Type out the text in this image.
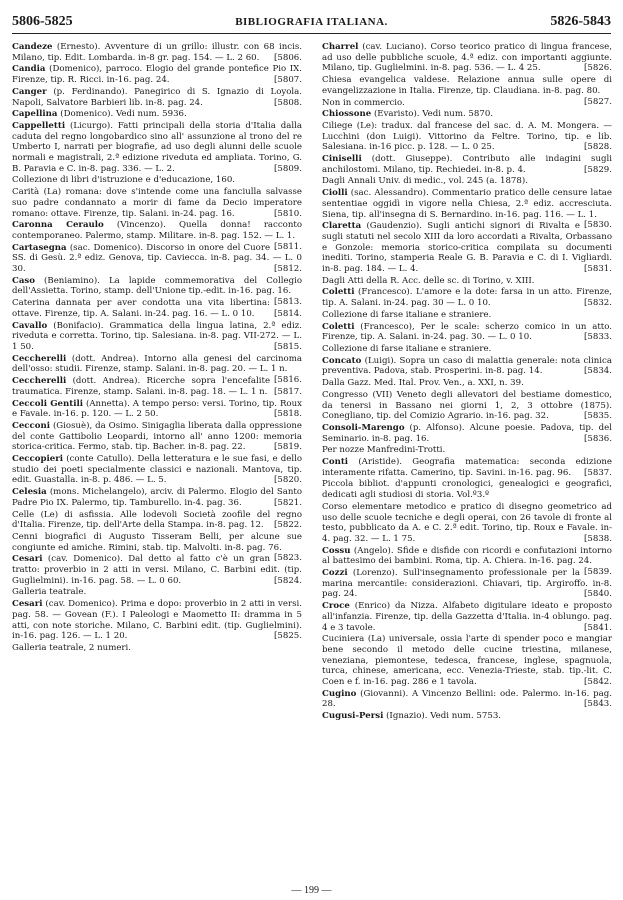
5806-5825	BIBLIOGRAFIA ITALIANA.	5826-5843
Candeze (Ernesto). Avventure di un grillo: illustr. con 68 incis. Milano, tip. Edit. Lombarda. in-8 gr. pag. 154. — L. 2 60. [5806.
Candia (Domenico), parroco. Elogio del grande pontefice Pio IX. Firenze, tip. R. Ricci. in-16. pag. 24.	[5807.
Canger (p. Ferdinando). Panegirico di S. Ignazio di Loyola. Napoli, Salvatore Barbieri lib. in-8. pag. 24.	[5808.
Capellina (Domenico). Vedi num. 5936.
Cappelletti (Licurgo). Fatti principali della storia d'Italia dalla caduta del regno longobardico sino all' assunzione al trono del re Umberto I, narrati per biografie, ad uso degli alunni delle scuole normali e magistrali, 2.ª edizione riveduta ed ampliata. Torino, G. B. Paravia e C. in-8. pag. 336. — L. 2.	[5809.
Collezione di libri d'istruzione e d'educazione, 160.
Carità (La) romana: dove s'intende come una fanciulla salvasse suo padre condannato a morir di fame da Decio imperatore romano: ottave. Firenze, tip. Salani. in-24. pag. 16.	[5810.
Caronna Ceraulo (Vincenzo). Quella donna! racconto contemporaneo. Palermo, stamp. Militare. in-8. pag. 152. — L. 1.
[5811.
Cartasegna (sac. Domenico). Discorso in onore del Cuore SS. di Gesù. 2.ª ediz. Genova, tip. Caviecca. in-8. pag. 34. — L. 0 30.	[5812.
Caso (Beniamino). La lapide commemorativa del Collegio dell'Assietta. Torino, stamp. dell'Unione tip.-edit. in-16. pag. 16.
[5813.
Caterina dannata per aver condotta una vita libertina: ottave. Firenze, tip. A. Salani. in-24. pag. 16. — L. 0 10. [5814.
Cavallo (Bonifacio). Grammatica della lingua latina, 2.ª ediz. riveduta e corretta. Torino, tip. Salesiana. in-8. pag. VII-272. — L. 1 50.	[5815.
Ceccherelli (dott. Andrea). Intorno alla genesi del carcinoma dell'osso: studii. Firenze, stamp. Salani. in-8. pag. 20. — L. 1 n.
[5816.
Ceccherelli (dott. Andrea). Ricerche sopra l'encefalite traumatica. Firenze, stamp. Salani. in-8. pag. 18. — L. 1 n. [5817.
Ceccoli Gentili (Annetta). A tempo perso: versi. Torino, tip. Roux e Favale. in-16. p. 120. — L. 2 50.	[5818.
Cecconi (Giosuè), da Osimo. Sinigaglia liberata dalla oppressione del conte Gattibolio Leopardi, intorno all' anno 1200: memoria storica-critica. Fermo, stab. tip. Bacher. in-8. pag. 22.	[5819.
Ceccopieri (conte Catullo). Della letteratura e le sue fasi, e dello studio dei poeti specialmente classici e nazionali. Mantova, tip. edit. Guastalla. in-8. p. 486. — L. 5.	[5820.
Celesia (mons. Michelangelo), arciv. di Palermo. Elogio del Santo Padre Pio IX. Palermo, tip. Tamburello. in-4. pag. 36.	[5821.
Celle (Le) di asfissia. Alle lodevoli Società zoofile del regno d'Italia. Firenze, tip. dell'Arte della Stampa. in-8. pag. 12. [5822.
Cenni biografici di Augusto Tisseram Belli, per alcune sue congiunte ed amiche. Rimini, stab. tip. Malvolti. in-8. pag. 76.
[5823.
Cesari (cav. Domenico). Dal detto al fatto c'è un gran tratto: proverbio in 2 atti in versi. Milano, C. Barbini edit. (tip. Guglielmini). in-16. pag. 58. — L. 0 60.	[5824.
Galleria teatrale.
Cesari (cav. Domenico). Prima e dopo: proverbio in 2 atti in versi. pag. 58. — Govean (F.). I Paleologi e Maometto II: dramma in 5 atti, con note storiche. Milano, C. Barbini edit. (tip. Guglielmini). in-16. pag. 126. — L. 1 20.	[5825.
Galleria teatrale, 2 numeri.
Charrel (cav. Luciano). Corso teorico pratico di lingua francese, ad uso delle pubbliche scuole, 4.ª ediz. con importanti aggiunte. Milano, tip. Guglielmini. in-8. pag. 536. — L. 4 25.	[5826.
Chiesa evangelica valdese. Relazione annua sulle opere di evangelizzazione in Italia. Firenze, tip. Claudiana. in-8. pag. 80.
[5827.
Non in commercio.
Chiossone (Evaristo). Vedi num. 5870.
Ciliege (Le): tradux. dal francese del sac. d. A. M. Mongera. — Lucchini (don Luigi). Vittorino da Feltre. Torino, tip. e lib. Salesiana. in-16 picc. p. 128. — L. 0 25.	[5828.
Ciniselli (dott. Giuseppe). Contributo alle indagini sugli anchilostomi. Milano, tip. Rechiedei. in-8. p. 4.	[5829.
Dagli Annali Univ. di medic., vol. 245 (a. 1878).
Ciolli (sac. Alessandro). Commentario pratico delle censure latae sententiae oggidì in vigore nella Chiesa, 2.ª ediz. accresciuta. Siena, tip. all'insegna di S. Bernardino. in-16. pag. 116. — L. 1.
[5830.
Claretta (Gaudenzio). Sugli antichi signori di Rivalta e sugli statuti nel secolo XIII da loro accordati a Rivalta, Orbassano e Gonzole: memoria storico-critica compilata su documenti inediti. Torino, stamperia Reale G. B. Paravia e C. di I. Vigliardi. in-8. pag. 184. — L. 4.	[5831.
Dagli Atti della R. Acc. delle sc. di Torino, v. XIII.
Coletti (Francesco). L'amore e la dote: farsa in un atto. Firenze, tip. A. Salani. in-24. pag. 30 — L. 0 10.	[5832.
Collezione di farse italiane e straniere.
Coletti (Francesco), Per le scale: scherzo comico in un atto. Firenze, tip. A. Salani. in-24. pag. 30. — L. 0 10.	[5833.
Collezione di farse italiane e straniere.
Concato (Luigi). Sopra un caso di malattia generale: nota clinica preventiva. Padova, stab. Prosperini. in-8. pag. 14.	[5834.
Dalla Gazz. Med. Ital. Prov. Ven., a. XXI, n. 39.
Congresso (VII) Veneto degli allevatori del bestiame domestico, da tenersi in Bassano nei giorni 1, 2, 3 ottobre (1875). Conegliano, tip. del Comizio Agrario. in-16. pag. 32.	[5835.
Consoli-Marengo (p. Alfonso). Alcune poesie. Padova, tip. del Seminario. in-8. pag. 16.	[5836.
Per nozze Manfredini-Trotti.
Conti (Aristide). Geografia matematica: seconda edizione interamente rifatta. Camerino, tip. Savini. in-16. pag. 96. [5837.
Piccola bibliot. d'appunti cronologici, genealogici e geografici, dedicati agli studiosi di storia. Vol.º3.º
Corso elementare metodico e pratico di disegno geometrico ad uso delle scuole tecniche e degli operai, con 26 tavole di fronte al testo, pubblicato da A. e C. 2.ª edit. Torino, tip. Roux e Favale. in-4. pag. 32. — L. 1 75.	[5838.
Cossu (Angelo). Sfide e disfide con ricordi e confutazioni intorno al battesimo dei bambini. Roma, tip. A. Chiera. in-16. pag. 24.
[5839.
Cozzi (Lorenzo). Sull'insegnamento professionale per la marina mercantile: considerazioni. Chiavari, tip. Argiroffo. in-8. pag. 24.	[5840.
Croce (Enrico) da Nizza. Alfabeto digitulare ideato e proposto all'infanzia. Firenze, tip. della Gazzetta d'Italia. in-4 oblungo. pag. 4 e 3 tavole.	[5841.
Cuciniera (La) universale, ossia l'arte di spender poco e mangiar bene secondo il metodo delle cucine triestina, milanese, veneziana, piemontese, tedesca, francese, inglese, spagnuola, turca, chinese, americana, ecc. Venezia-Trieste, stab. tip.-lit. C. Coen e f. in-16. pag. 286 e 1 tavola.	[5842.
Cugino (Giovanni). A Vincenzo Bellini: ode. Palermo. in-16. pag. 28.	[5843.
Cugusi-Persi (Ignazio). Vedi num. 5753.
— 199 —
